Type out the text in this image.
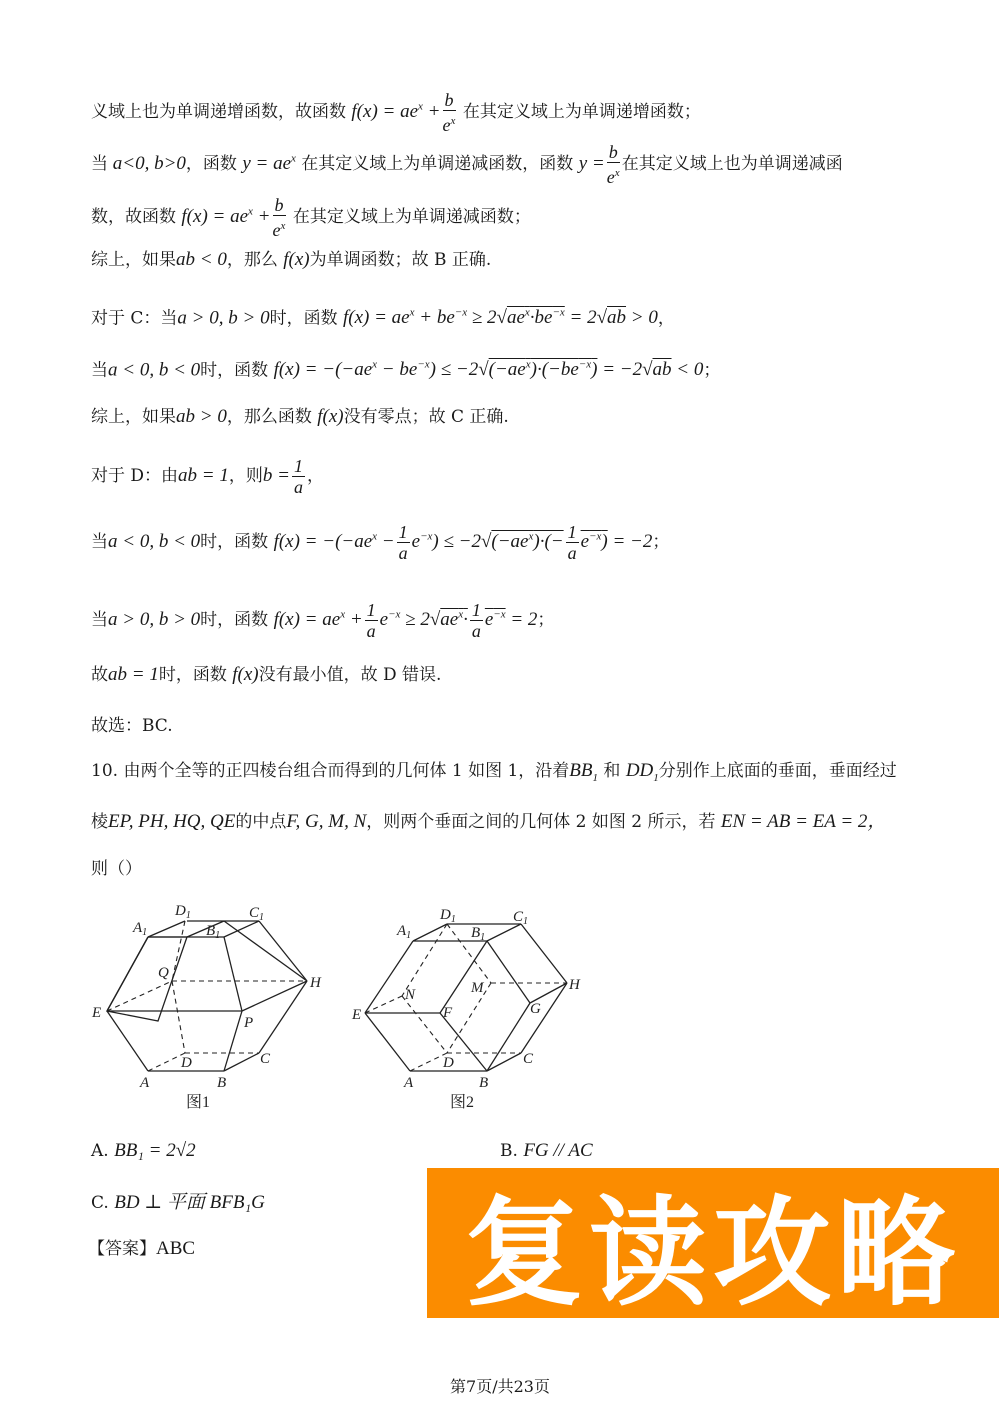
义域上也为单调递增函数，故函数 $f(x) = ae^x + \frac{b}{e^x}$ 在其定义域上为单调递增函数；
当 a<0, b>0，函数 $y = ae^x$ 在其定义域上为单调递减函数，函数 $y = \frac{b}{e^x}$ 在其定义域上也为单调递减函
数，故函数 $f(x) = ae^x + \frac{b}{e^x}$ 在其定义域上为单调递减函数；
综上，如果ab < 0，那么 f(x)为单调函数；故 B 正确.
对于 C：当a > 0, b > 0时，函数 $f(x) = ae^x + be^{-x} \ge 2√ae^x\cdot be^{-x} = 2√ab > 0$，
当a < 0, b < 0时，函数 $f(x) = -(-ae^x - be^{-x}) \le -2√(-ae^x)\cdot(-be^{-x}) = -2√ab < 0$；
综上，如果ab > 0，那么函数 f(x)没有零点；故 C 正确.
对于 D：由ab = 1，则$b = \frac{1}{a}$ ，
当a < 0, b < 0时，函数 $f(x) = -(-ae^x - \frac{1}{a} e^{-x}) \le -2√(-ae^x)\cdot(- \frac{1}{a} e^{-x}) = -2$；
当a > 0, b > 0时，函数 $f(x) = ae^x + \frac{1}{a} e^{-x} \ge 2√ae^x\cdot \frac{1}{a} e^{-x} = 2$；
故ab = 1时，函数 f(x)没有最小值，故 D 错误.
故选：BC.
10. 由两个全等的正四棱台组合而得到的几何体 1 如图 1，沿着$BB_1$ 和 $DD_1$分别作上底面的垂面，垂面经过
棱EP, PH, HQ, QE的中点F, G, M, N，则两个垂面之间的几何体 2 如图 2 所示，若 EN = AB = EA = 2，
则（）
$A_1$
$D_1$	$C_1$
$B_1$
Q
H
E
P
D	C
A	B
图1
$A_1$
$D_1$	$C_1$
$B_1$
N	M	H
E	F	G
D	C
A	B
图2
A. BB₁ = 2√2	B. FG // AC
C. BD ⊥ 平面 BFB₁G
【答案】ABC 复读攻略
第7页/共23页
